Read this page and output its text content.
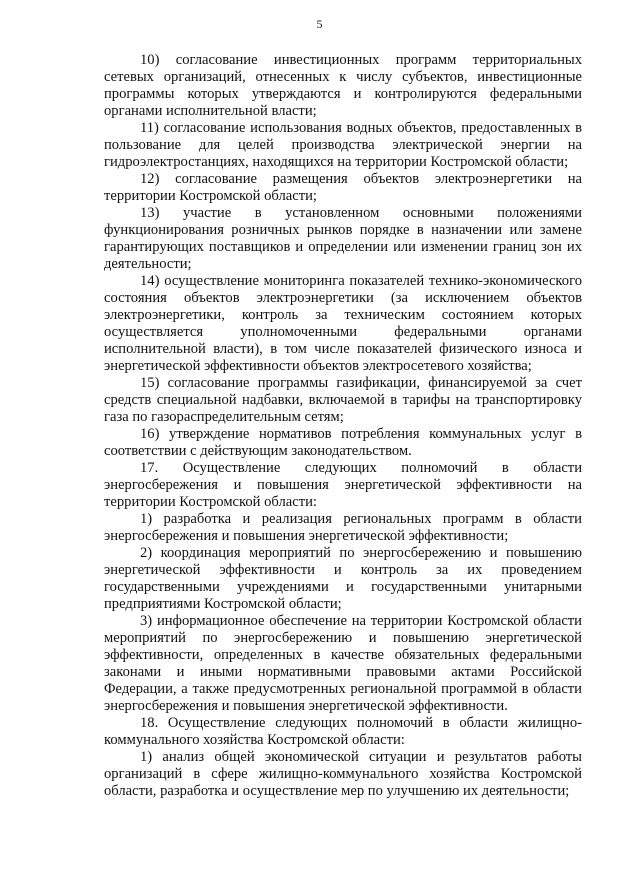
5

10) согласование инвестиционных программ территориальных сетевых организаций, отнесенных к числу субъектов, инвестиционные программы которых утверждаются и контролируются федеральными органами исполнительной власти;

11) согласование использования водных объектов, предоставленных в пользование для целей производства электрической энергии на гидроэлектростанциях, находящихся на территории Костромской области;

12) согласование размещения объектов электроэнергетики на территории Костромской области;

13) участие в установленном основными положениями функционирования розничных рынков порядке в назначении или замене гарантирующих поставщиков и определении или изменении границ зон их деятельности;

14) осуществление мониторинга показателей технико-экономического состояния объектов электроэнергетики (за исключением объектов электроэнергетики, контроль за техническим состоянием которых осуществляется уполномоченными федеральными органами исполнительной власти), в том числе показателей физического износа и энергетической эффективности объектов электросетевого хозяйства;

15) согласование программы газификации, финансируемой за счет средств специальной надбавки, включаемой в тарифы на транспортировку газа по газораспределительным сетям;

16) утверждение нормативов потребления коммунальных услуг в соответствии с действующим законодательством.

17. Осуществление следующих полномочий в области энергосбережения и повышения энергетической эффективности на территории Костромской области:

1) разработка и реализация региональных программ в области энергосбережения и повышения энергетической эффективности;

2) координация мероприятий по энергосбережению и повышению энергетической эффективности и контроль за их проведением государственными учреждениями и государственными унитарными предприятиями Костромской области;

3) информационное обеспечение на территории Костромской области мероприятий по энергосбережению и повышению энергетической эффективности, определенных в качестве обязательных федеральными законами и иными нормативными правовыми актами Российской Федерации, а также предусмотренных региональной программой в области энергосбережения и повышения энергетической эффективности.

18. Осуществление следующих полномочий в области жилищно-коммунального хозяйства Костромской области:

1) анализ общей экономической ситуации и результатов работы организаций в сфере жилищно-коммунального хозяйства Костромской области, разработка и осуществление мер по улучшению их деятельности;
